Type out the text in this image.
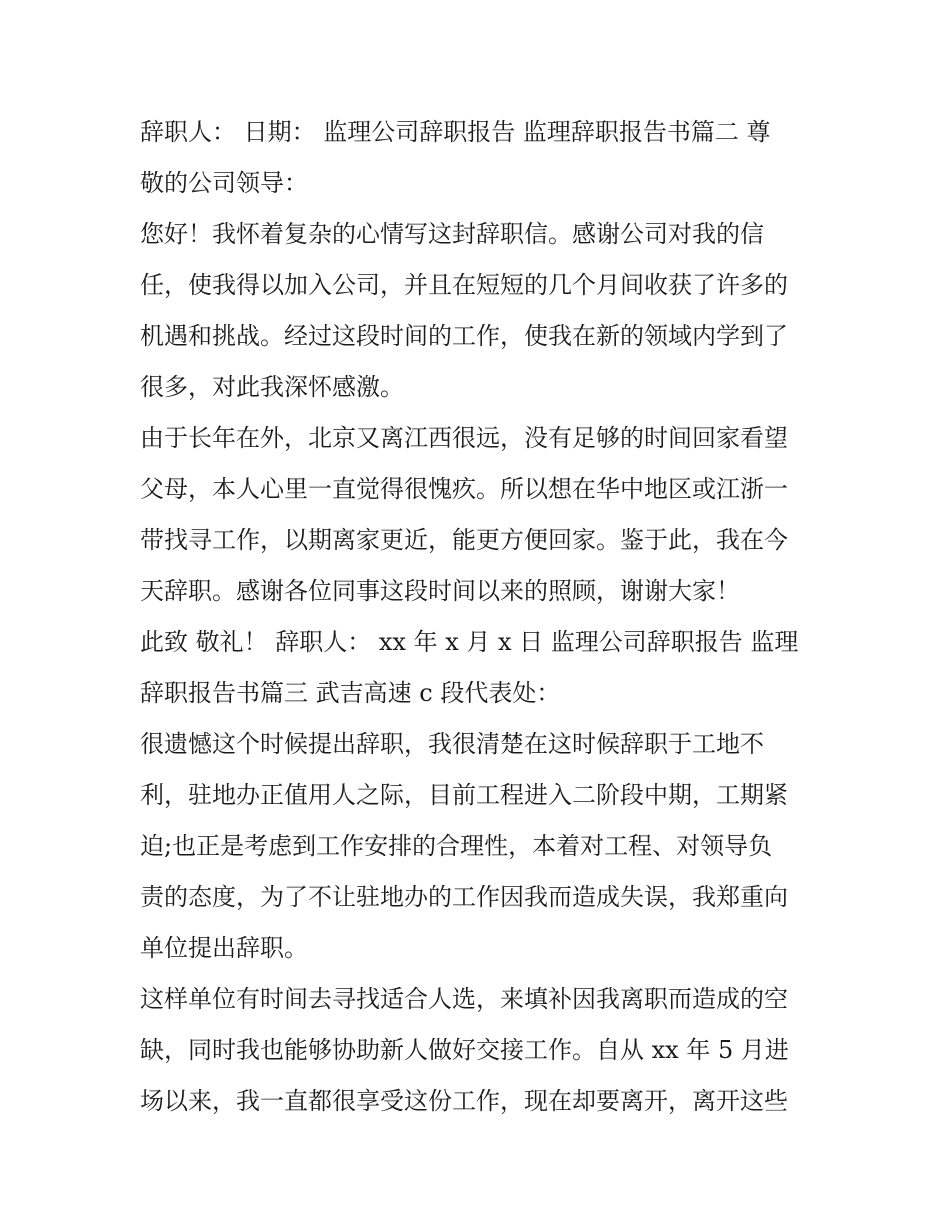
辞职人： 日期： 监理公司辞职报告 监理辞职报告书篇二 尊
敬的公司领导：
您好！我怀着复杂的心情写这封辞职信。感谢公司对我的信
任，使我得以加入公司，并且在短短的几个月间收获了许多的
机遇和挑战。经过这段时间的工作，使我在新的领域内学到了
很多，对此我深怀感激。
由于长年在外，北京又离江西很远，没有足够的时间回家看望
父母，本人心里一直觉得很愧疚。所以想在华中地区或江浙一
带找寻工作，以期离家更近，能更方便回家。鉴于此，我在今
天辞职。感谢各位同事这段时间以来的照顾，谢谢大家！
此致 敬礼！ 辞职人： xx 年 x 月 x 日 监理公司辞职报告 监理
辞职报告书篇三 武吉高速 c 段代表处：
很遗憾这个时候提出辞职，我很清楚在这时候辞职于工地不
利，驻地办正值用人之际，目前工程进入二阶段中期，工期紧
迫;也正是考虑到工作安排的合理性，本着对工程、对领导负
责的态度，为了不让驻地办的工作因我而造成失误，我郑重向
单位提出辞职。
这样单位有时间去寻找适合人选，来填补因我离职而造成的空
缺，同时我也能够协助新人做好交接工作。自从 xx 年 5 月进
场以来，我一直都很享受这份工作，现在却要离开，离开这些
